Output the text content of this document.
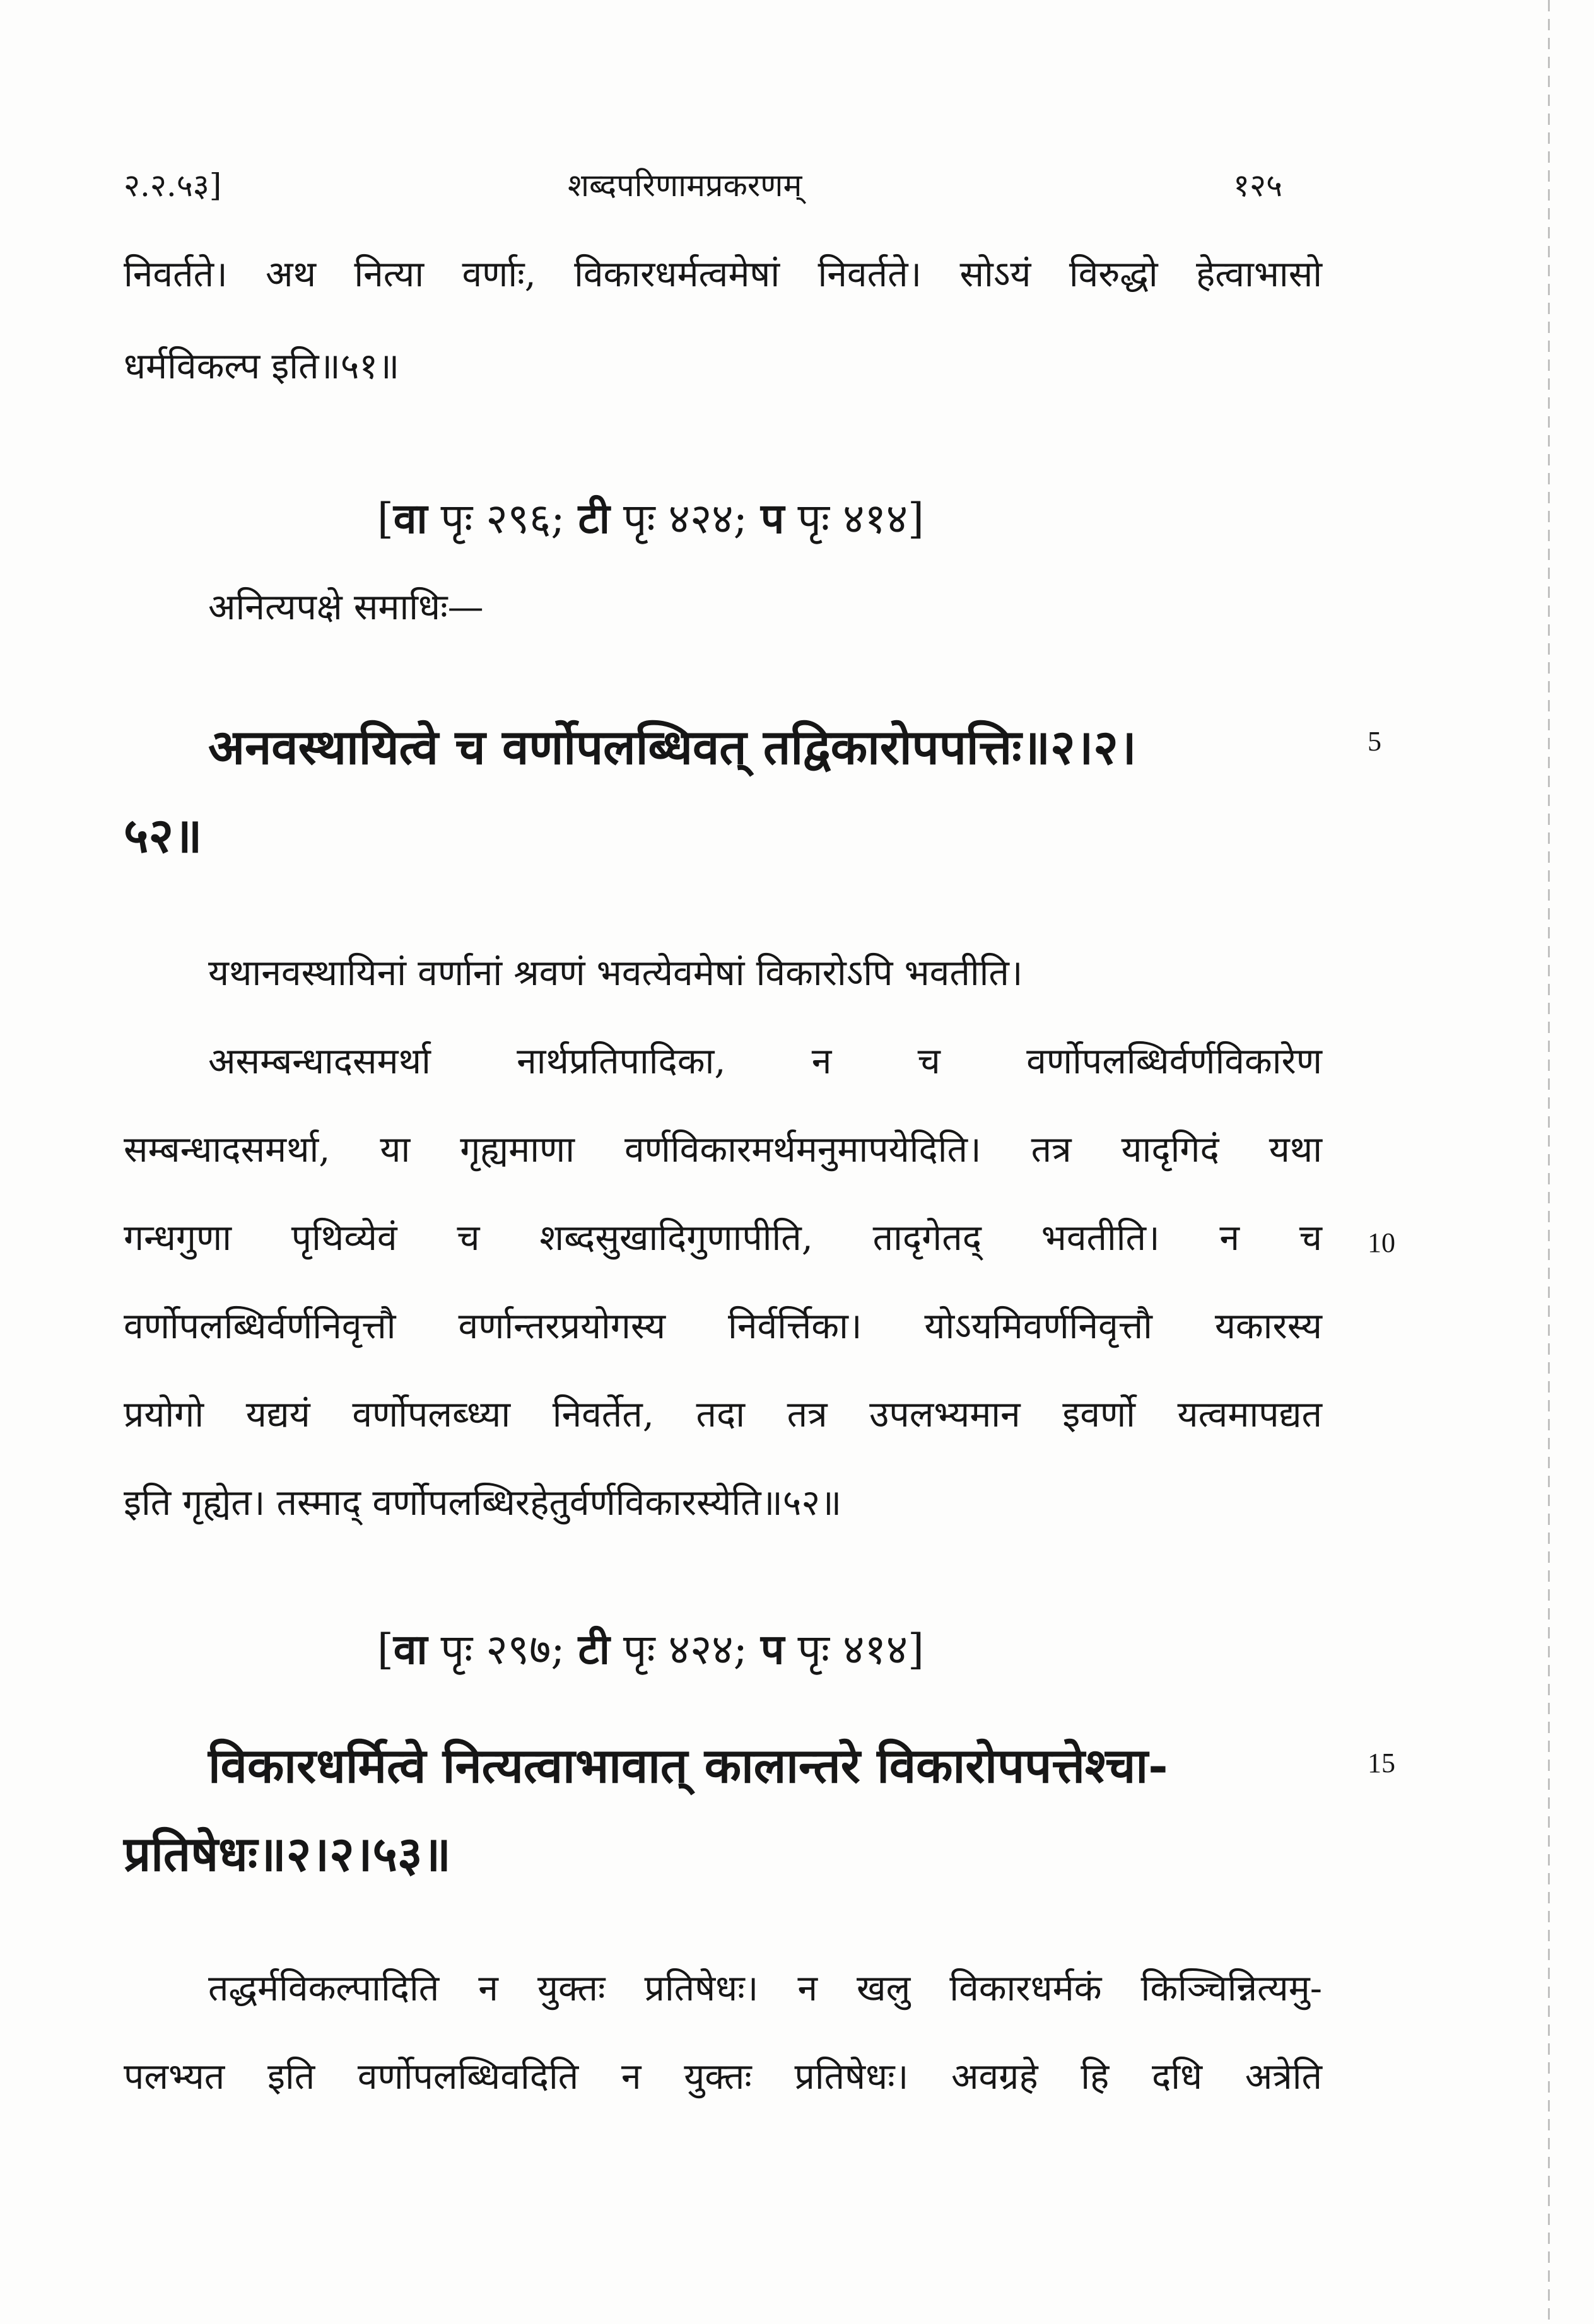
२.२.५३]	शब्दपरिणामप्रकरणम्	१२५
निवर्तते। अथ नित्या वर्णाः, विकारधर्मत्वमेषां निवर्तते। सोऽयं विरुद्धो हेत्वाभासो
धर्मविकल्प इति॥५१॥
[वा पृः २९६; टी पृः ४२४; प पृः ४१४]
अनित्यपक्षे समाधिः—
अनवस्थायित्वे च वर्णोपलब्धिवत् तद्विकारोपपत्तिः॥२।२।
५२॥
5
यथानवस्थायिनां वर्णानां श्रवणं भवत्येवमेषां विकारोऽपि भवतीति।
असम्बन्धादसमर्था नार्थप्रतिपादिका, न च वर्णोपलब्धिर्वर्णविकारेण
सम्बन्धादसमर्था, या गृह्यमाणा वर्णविकारमर्थमनुमापयेदिति। तत्र यादृगिदं यथा
गन्धगुणा पृथिव्येवं च शब्दसुखादिगुणापीति, तादृगेतद् भवतीति। न च
वर्णोपलब्धिर्वर्णनिवृत्तौ वर्णान्तरप्रयोगस्य निर्वर्त्तिका। योऽयमिवर्णनिवृत्तौ यकारस्य
प्रयोगो यद्ययं वर्णोपलब्ध्या निवर्तेत, तदा तत्र उपलभ्यमान इवर्णो यत्वमापद्यत
इति गृह्येत। तस्माद् वर्णोपलब्धिरहेतुर्वर्णविकारस्येति॥५२॥
10
[वा पृः २९७; टी पृः ४२४; प पृः ४१४]
विकारधर्मित्वे नित्यत्वाभावात् कालान्तरे विकारोपपत्तेश्चा-
प्रतिषेधः॥२।२।५३॥
15
तद्धर्मविकल्पादिति न युक्तः प्रतिषेधः। न खलु विकारधर्मकं किञ्चिन्नित्यमु-
पलभ्यत इति वर्णोपलब्धिवदिति न युक्तः प्रतिषेधः। अवग्रहे हि दधि अत्रेति
